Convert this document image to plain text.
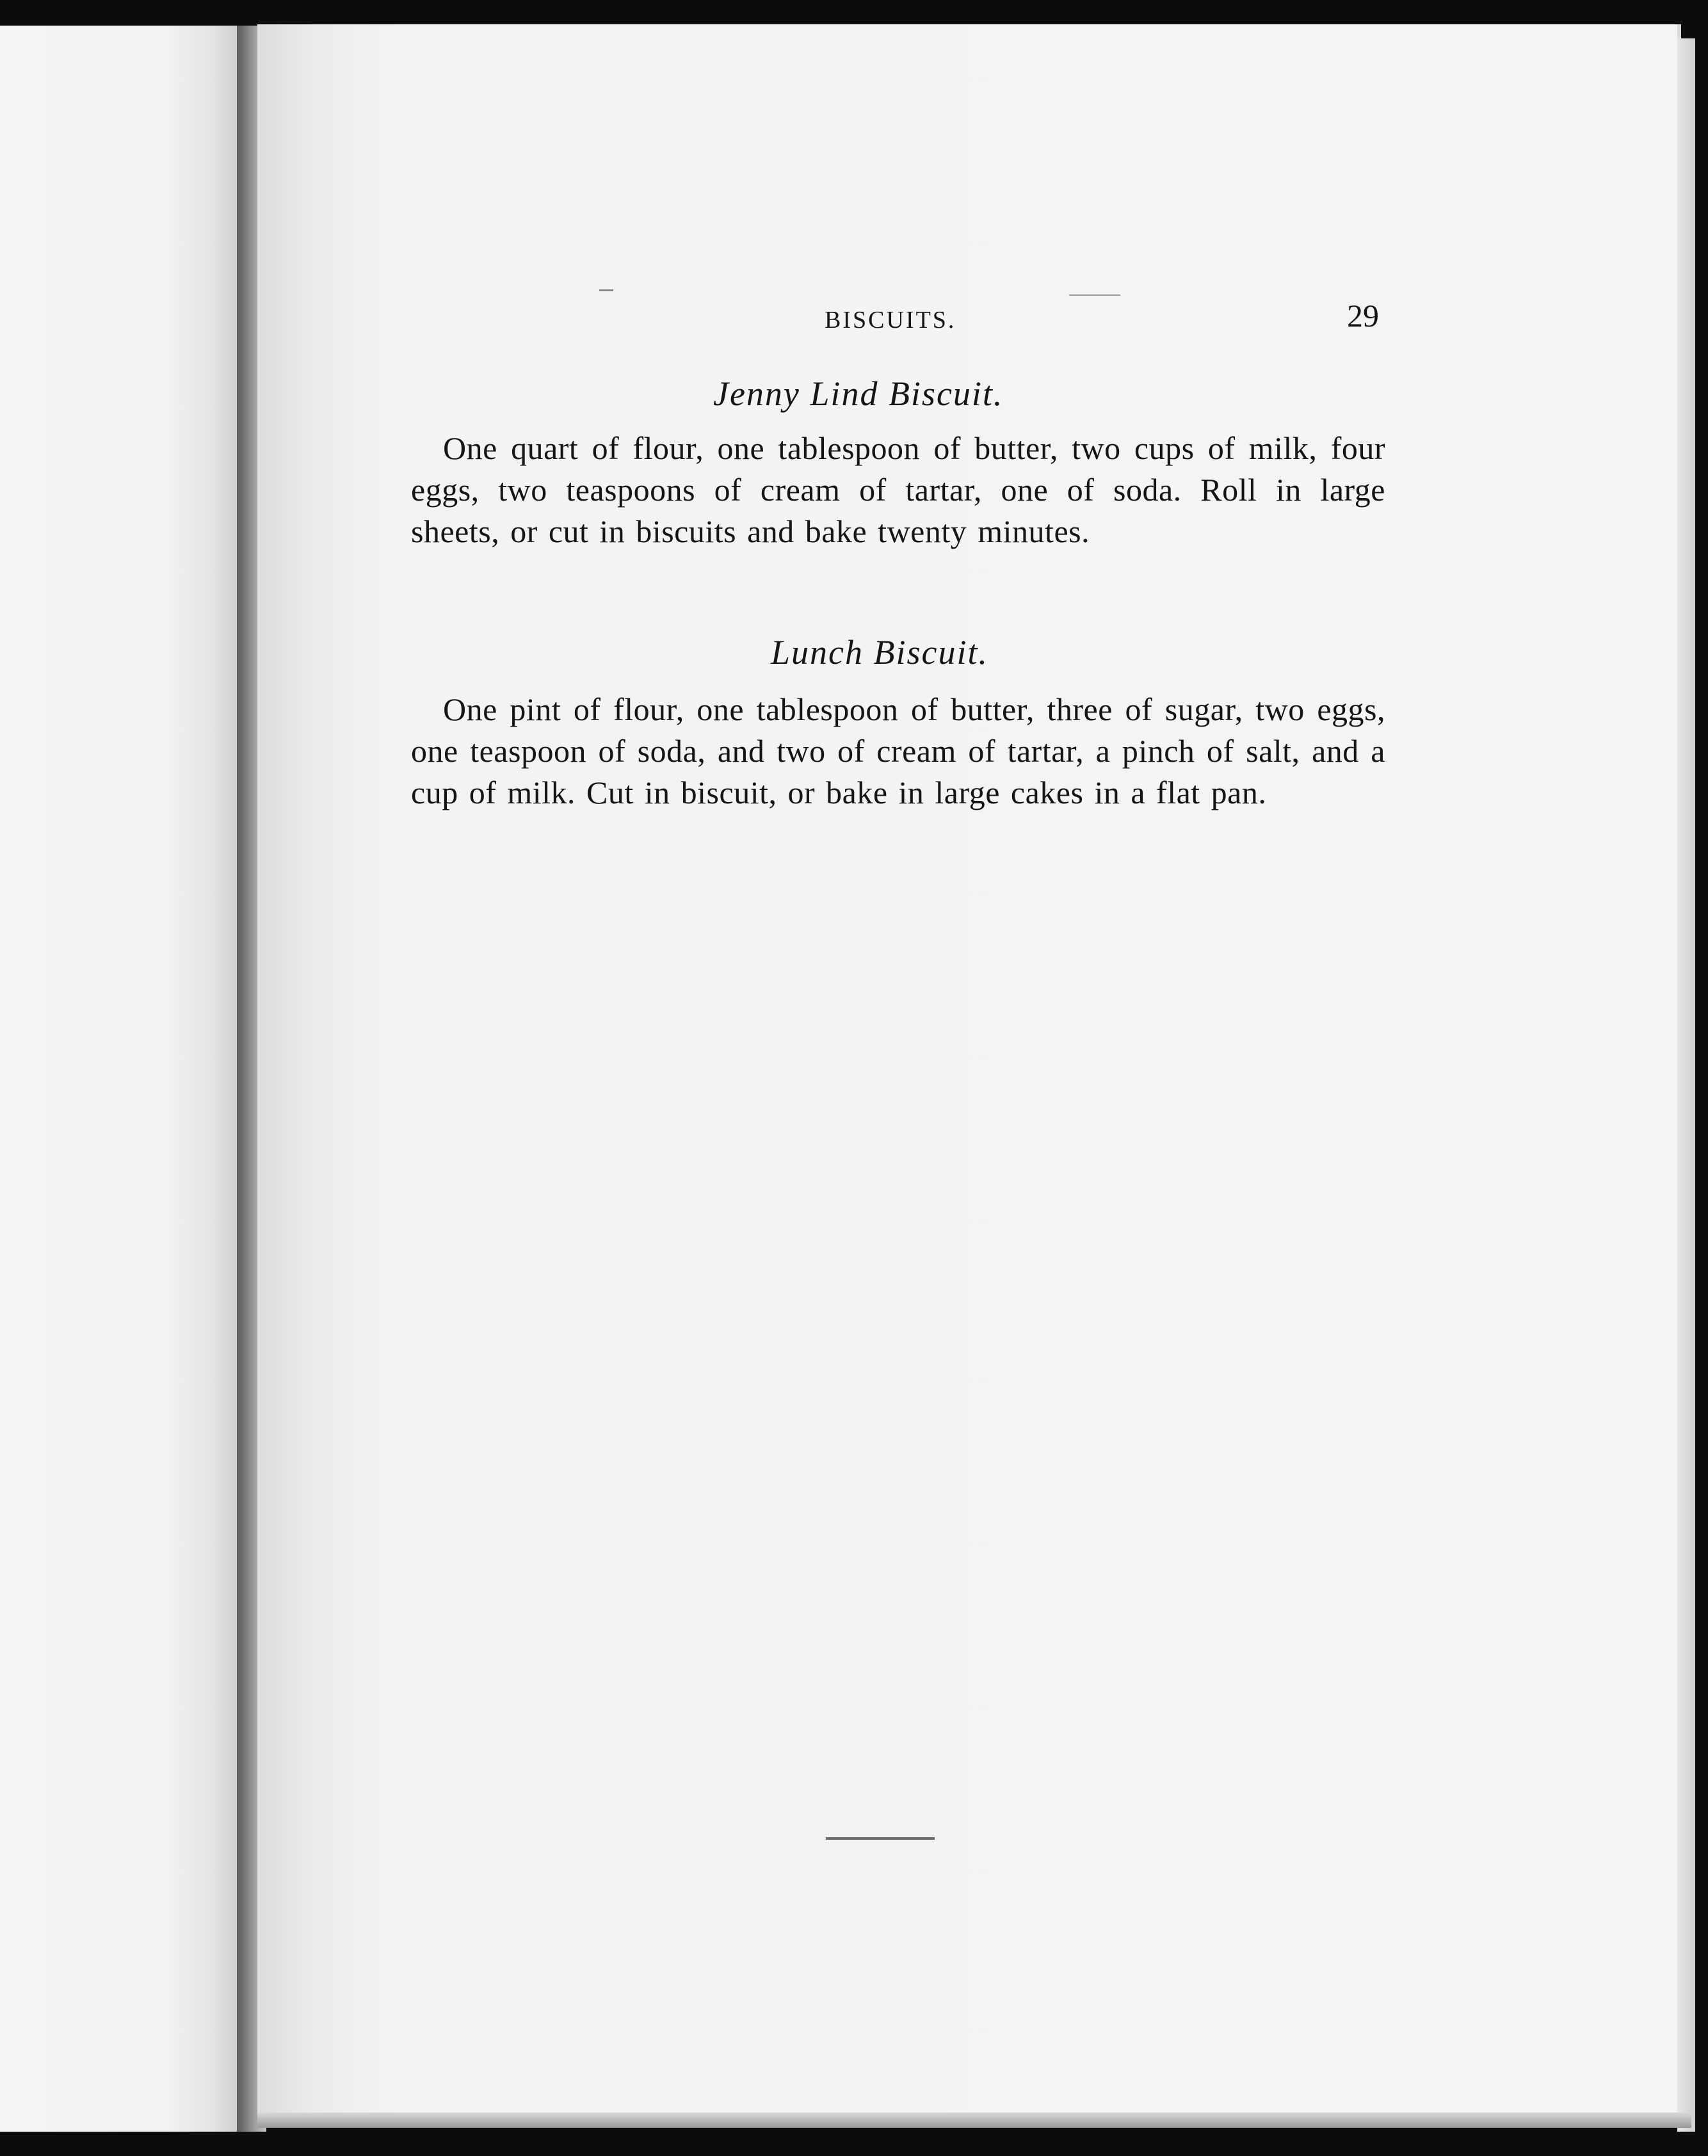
BISCUITS.	29
Jenny Lind Biscuit.

One quart of flour, one tablespoon of butter, two cups of milk, four eggs, two teaspoons of cream of tartar, one of soda. Roll in large sheets, or cut in biscuits and bake twenty minutes.

Lunch Biscuit.

One pint of flour, one tablespoon of butter, three of sugar, two eggs, one teaspoon of soda, and two of cream of tartar, a pinch of salt, and a cup of milk. Cut in biscuit, or bake in large cakes in a flat pan.
